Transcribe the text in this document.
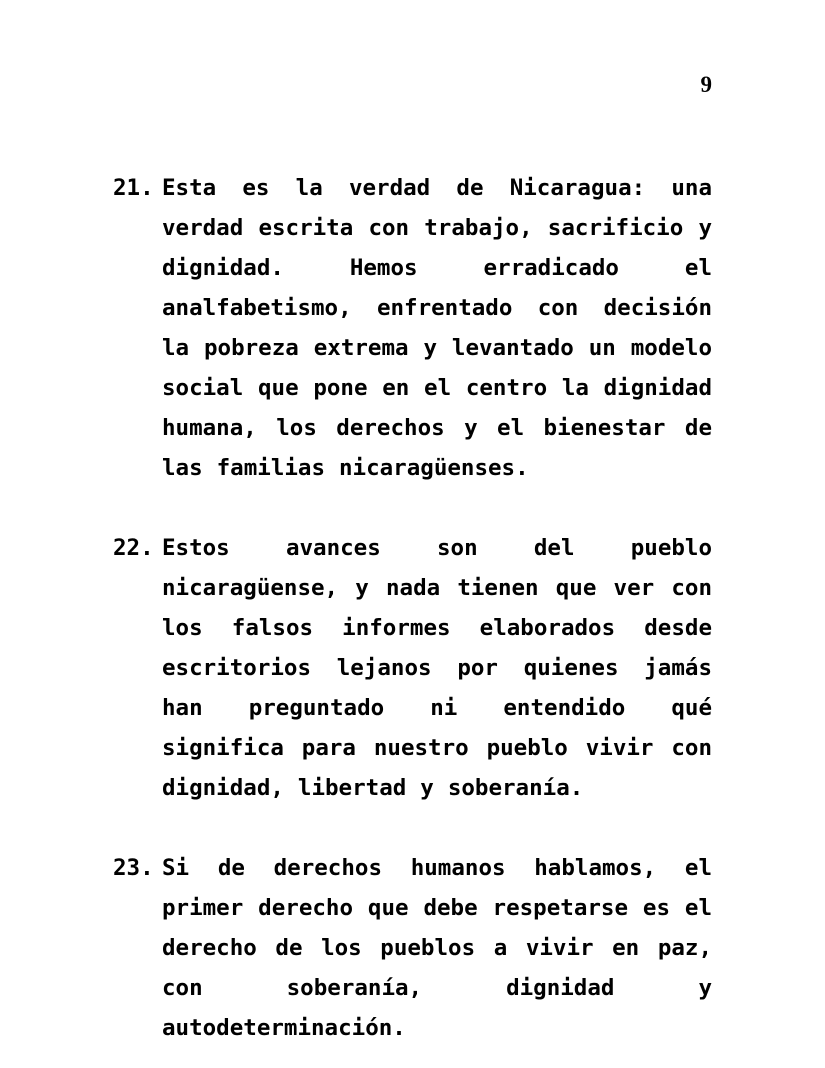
9
21. Esta es la verdad de Nicaragua: una verdad escrita con trabajo, sacrificio y dignidad. Hemos erradicado el analfabetismo, enfrentado con decisión la pobreza extrema y levantado un modelo social que pone en el centro la dignidad humana, los derechos y el bienestar de las familias nicaragüenses.
22. Estos avances son del pueblo nicaragüense, y nada tienen que ver con los falsos informes elaborados desde escritorios lejanos por quienes jamás han preguntado ni entendido qué significa para nuestro pueblo vivir con dignidad, libertad y soberanía.
23. Si de derechos humanos hablamos, el primer derecho que debe respetarse es el derecho de los pueblos a vivir en paz, con soberanía, dignidad y autodeterminación.
